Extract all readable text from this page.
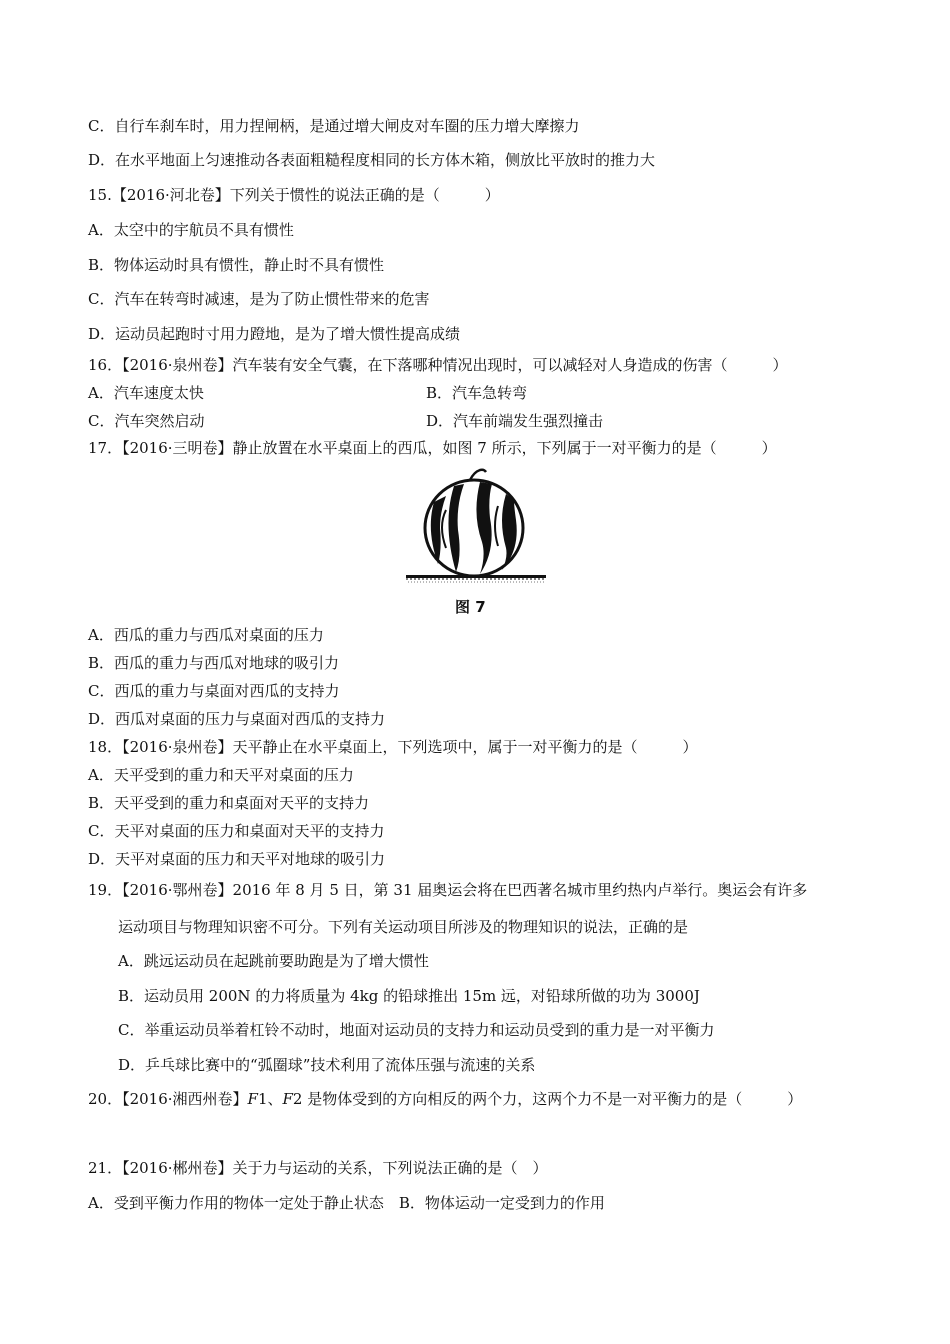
C．自行车刹车时，用力捏闸柄，是通过增大闸皮对车圈的压力增大摩擦力
D．在水平地面上匀速推动各表面粗糙程度相同的长方体木箱，侧放比平放时的推力大
15.【2016·河北卷】下列关于惯性的说法正确的是（　　　）
A．太空中的宇航员不具有惯性
B．物体运动时具有惯性，静止时不具有惯性
C．汽车在转弯时减速，是为了防止惯性带来的危害
D．运动员起跑时寸用力蹬地，是为了增大惯性提高成绩
16．【2016·泉州卷】汽车装有安全气囊，在下落哪种情况出现时，可以减轻对人身造成的伤害（　　　）
A．汽车速度太快	B．汽车急转弯
C．汽车突然启动	D．汽车前端发生强烈撞击
17．【2016·三明卷】静止放置在水平桌面上的西瓜，如图 7 所示，下列属于一对平衡力的是（　　　）
图 7
A．西瓜的重力与西瓜对桌面的压力
B．西瓜的重力与西瓜对地球的吸引力
C．西瓜的重力与桌面对西瓜的支持力
D．西瓜对桌面的压力与桌面对西瓜的支持力
18．【2016·泉州卷】天平静止在水平桌面上，下列选项中，属于一对平衡力的是（　　　）
A．天平受到的重力和天平对桌面的压力
B．天平受到的重力和桌面对天平的支持力
C．天平对桌面的压力和桌面对天平的支持力
D．天平对桌面的压力和天平对地球的吸引力
19．【2016·鄂州卷】2016 年 8 月 5 日，第 31 届奥运会将在巴西著名城市里约热内卢举行。奥运会有许多
运动项目与物理知识密不可分。下列有关运动项目所涉及的物理知识的说法，正确的是
A．跳远运动员在起跳前要助跑是为了增大惯性
B．运动员用 200N 的力将质量为 4kg 的铅球推出 15m 远，对铅球所做的功为 3000J
C．举重运动员举着杠铃不动时，地面对运动员的支持力和运动员受到的重力是一对平衡力
D．乒乓球比赛中的“弧圈球”技术利用了流体压强与流速的关系
20．【2016·湘西州卷】F1、F2 是物体受到的方向相反的两个力，这两个力不是一对平衡力的是（　　　）
21．【2016·郴州卷】关于力与运动的关系，下列说法正确的是（　）
A．受到平衡力作用的物体一定处于静止状态　B．物体运动一定受到力的作用
